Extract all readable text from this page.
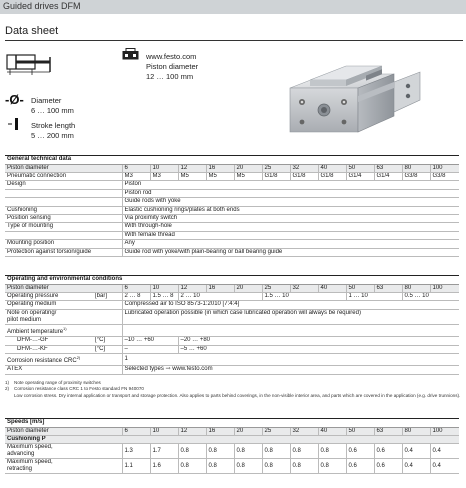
Guided drives DFM
Data sheet
www.festo.com
Piston diameter
12 … 100 mm
-Ø- Diameter
6 … 100 mm
Stroke length
5 … 200 mm
General technical data												
Piston diameter	6	10	12	16	20	25	32	40	50	63	80	100
Pneumatic connection	M3	M3	M5	M5	M5	G1/8	G1/8	G1/8	G1/4	G1/4	G3/8	G3/8
Design	Piston											
	Piston rod											
	Guide rods with yoke											
Cushioning	Elastic cushioning rings/plates at both ends											
Position sensing	Via proximity switch											
Type of mounting	With through-hole											
	With female thread											
Mounting position	Any											
Protection against torsion/guide	Guide rod with yoke/with plain-bearing or ball bearing guide											
Operating and environmental conditions													
Piston diameter		6	10	12	16	20	25	32	40	50	63	80	100
Operating pressure	[bar]	2 … 8	1.5 … 8	2 … 10			1.5 … 10			1 … 10		0.5 … 10	
Operating medium		Compressed air to ISO 8573-1:2010 [7:4:4]											

Note on operating/
pilot medium		Lubricated operation possible (in which case lubricated operation will always be required)											
Ambient temperature$^{1)}$	
DFM-…-GF	[°C]	–10 … +60		–20 … +80									
DFM-…-KF	[°C]	–		–5 … +60									
Corrosion resistance CRC$^{2)}$		1											
ATEX		Selected types ⇾ www.festo.com											
1) Note operating range of proximity switches
2) Corrosion resistance class CRC 1 to Festo standard FN 940070
Low corrosion stress. Dry internal application or transport and storage protection. Also applies to parts behind coverings, in the non-visible interior area, and parts which are covered in the application (e.g. drive trunnions).
Speeds [m/s]												
Piston diameter	6	10	12	16	20	25	32	40	50	63	80	100
Cushioning P												

Maximum speed,
advancing	1.3	1.7	0.8	0.8	0.8	0.8	0.8	0.8	0.6	0.6	0.4	0.4

Maximum speed,
retracting	1.1	1.6	0.8	0.8	0.8	0.8	0.8	0.8	0.6	0.6	0.4	0.4
